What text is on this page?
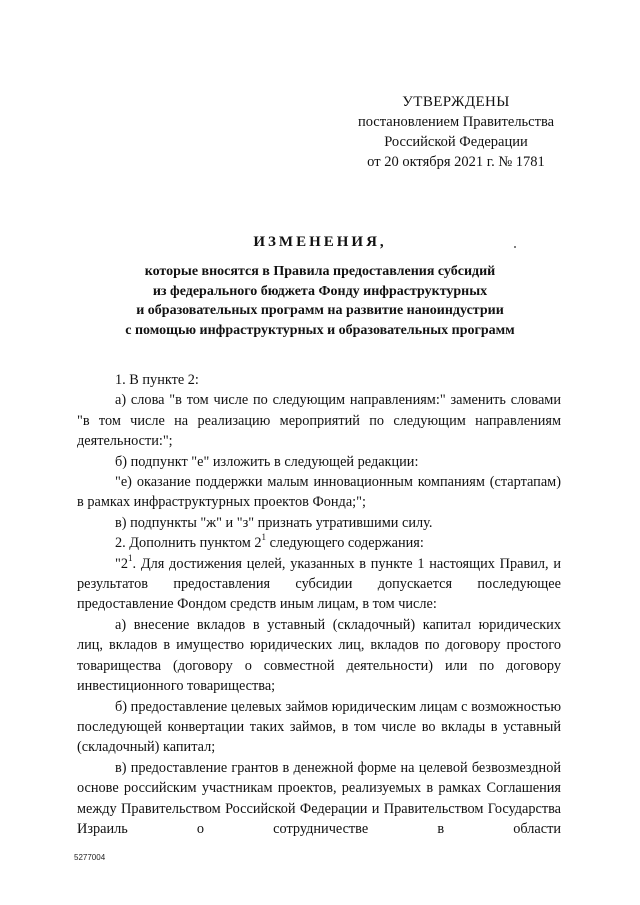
УТВЕРЖДЕНЫ
постановлением Правительства
Российской Федерации
от 20 октября 2021 г. № 1781
ИЗМЕНЕНИЯ,
которые вносятся в Правила предоставления субсидий
из федерального бюджета Фонду инфраструктурных
и образовательных программ на развитие наноиндустрии
с помощью инфраструктурных и образовательных программ

1. В пункте 2:

а) слова "в том числе по следующим направлениям:" заменить словами "в том числе на реализацию мероприятий по следующим направлениям деятельности:";

б) подпункт "е" изложить в следующей редакции:

"е) оказание поддержки малым инновационным компаниям (стартапам) в рамках инфраструктурных проектов Фонда;";

в) подпункты "ж" и "з" признать утратившими силу.

2. Дополнить пунктом $2^1$ следующего содержания:

"$2^1$. Для достижения целей, указанных в пункте 1 настоящих Правил, и результатов предоставления субсидии допускается последующее предоставление Фондом средств иным лицам, в том числе:

а) внесение вкладов в уставный (складочный) капитал юридических лиц, вкладов в имущество юридических лиц, вкладов по договору простого товарищества (договору о совместной деятельности) или по договору инвестиционного товарищества;

б) предоставление целевых займов юридическим лицам с возможностью последующей конвертации таких займов, в том числе во вклады в уставный (складочный) капитал;

в) предоставление грантов в денежной форме на целевой безвозмездной основе российским участникам проектов, реализуемых в рамках Соглашения между Правительством Российской Федерации и Правительством Государства Израиль о сотрудничестве в области

5277004
